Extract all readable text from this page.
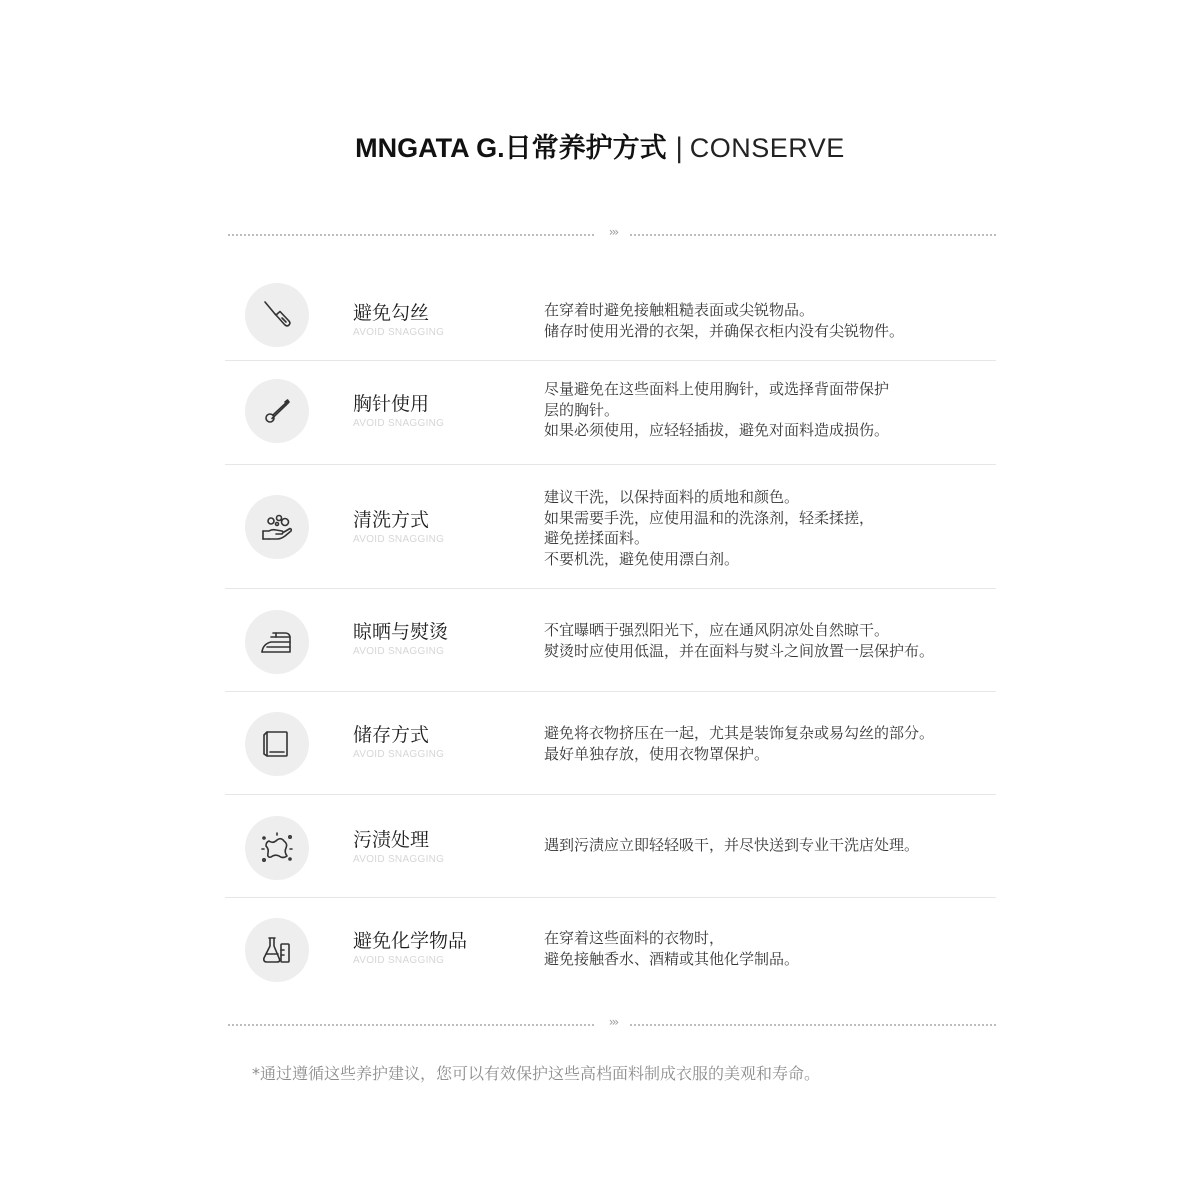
MNGATA G.日常养护方式 | CONSERVE
›››
避免勾丝
AVOID SNAGGING
在穿着时避免接触粗糙表面或尖锐物品。
储存时使用光滑的衣架，并确保衣柜内没有尖锐物件。
胸针使用
AVOID SNAGGING
尽量避免在这些面料上使用胸针，或选择背面带保护
层的胸针。
如果必须使用，应轻轻插拔，避免对面料造成损伤。
清洗方式
AVOID SNAGGING
建议干洗，以保持面料的质地和颜色。
如果需要手洗，应使用温和的洗涤剂，轻柔揉搓，
避免搓揉面料。
不要机洗，避免使用漂白剂。
晾晒与熨烫
AVOID SNAGGING
不宜曝晒于强烈阳光下，应在通风阴凉处自然晾干。
熨烫时应使用低温，并在面料与熨斗之间放置一层保护布。
储存方式
AVOID SNAGGING
避免将衣物挤压在一起，尤其是装饰复杂或易勾丝的部分。
最好单独存放，使用衣物罩保护。
污渍处理
AVOID SNAGGING
遇到污渍应立即轻轻吸干，并尽快送到专业干洗店处理。
避免化学物品
AVOID SNAGGING
在穿着这些面料的衣物时，
避免接触香水、酒精或其他化学制品。
›››
*通过遵循这些养护建议，您可以有效保护这些高档面料制成衣服的美观和寿命。
